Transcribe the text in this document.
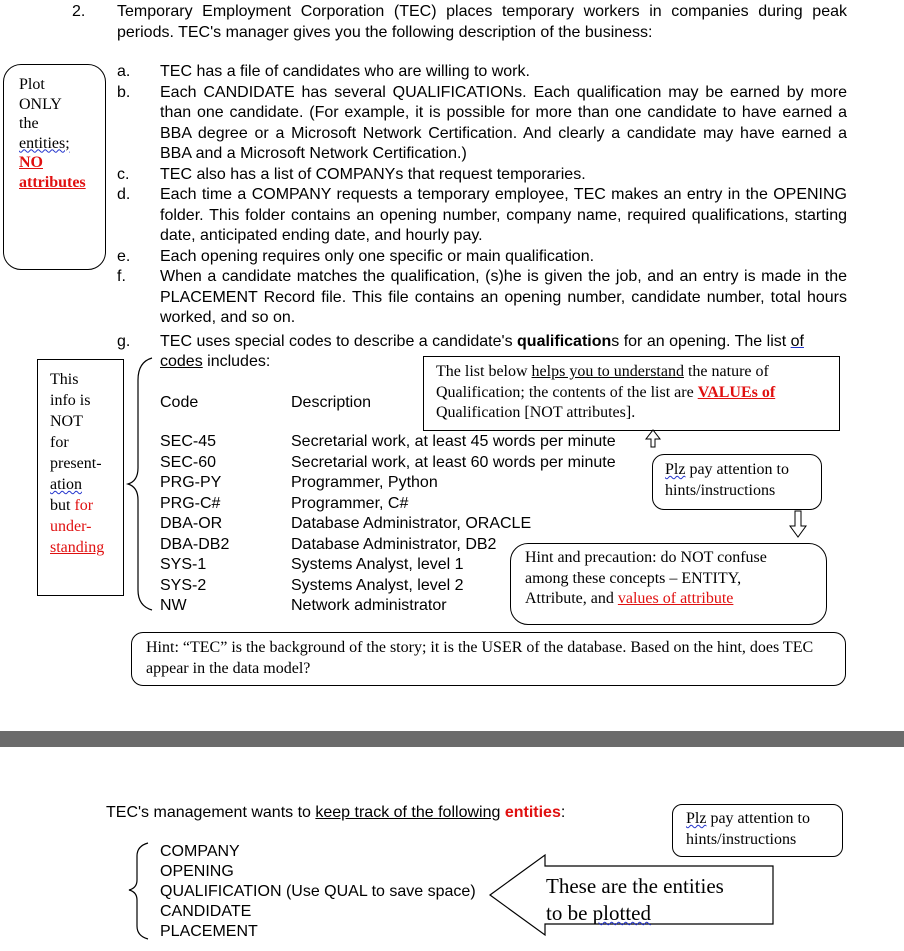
2. Temporary Employment Corporation (TEC) places temporary workers in companies during peak periods. TEC's manager gives you the following description of the business:
a.	TEC has a file of candidates who are willing to work.
b.	Each CANDIDATE has several QUALIFICATIONs. Each qualification may be earned by more than one candidate. (For example, it is possible for more than one candidate to have earned a BBA degree or a Microsoft Network Certification. And clearly a candidate may have earned a BBA and a Microsoft Network Certification.)
c.	TEC also has a list of COMPANYs that request temporaries.
d.	Each time a COMPANY requests a temporary employee, TEC makes an entry in the OPENING folder. This folder contains an opening number, company name, required qualifications, starting date, anticipated ending date, and hourly pay.
e.	Each opening requires only one specific or main qualification.
f.	When a candidate matches the qualification, (s)he is given the job, and an entry is made in the PLACEMENT Record file. This file contains an opening number, candidate number, total hours worked, and so on.
g. TEC uses special codes to describe a candidate's qualifications for an opening. The list of
codes includes:
Code	Description
SEC-45	Secretarial work, at least 45 words per minute
SEC-60	Secretarial work, at least 60 words per minute
PRG-PY	Programmer, Python
PRG-C#	Programmer, C#
DBA-OR	Database Administrator, ORACLE
DBA-DB2	Database Administrator, DB2
SYS-1	Systems Analyst, level 1
SYS-2	Systems Analyst, level 2
NW	Network administrator
Plot
ONLY
the
entities;
NO
attributes
This
info is
NOT
for
present-
ation
but for
under-
standing
The list below helps you to understand the nature of
Qualification; the contents of the list are VALUEs of
Qualification [NOT attributes].
Plz pay attention to
hints/instructions
Hint and precaution: do NOT confuse
among these concepts – ENTITY,
Attribute, and values of attribute
Hint: “TEC” is the background of the story; it is the USER of the database. Based on the hint, does TEC appear in the data model?
TEC's management wants to keep track of the following entities:
COMPANY
OPENING
QUALIFICATION (Use QUAL to save space)
CANDIDATE
PLACEMENT
Plz pay attention to
hints/instructions
These are the entities
to be plotted
